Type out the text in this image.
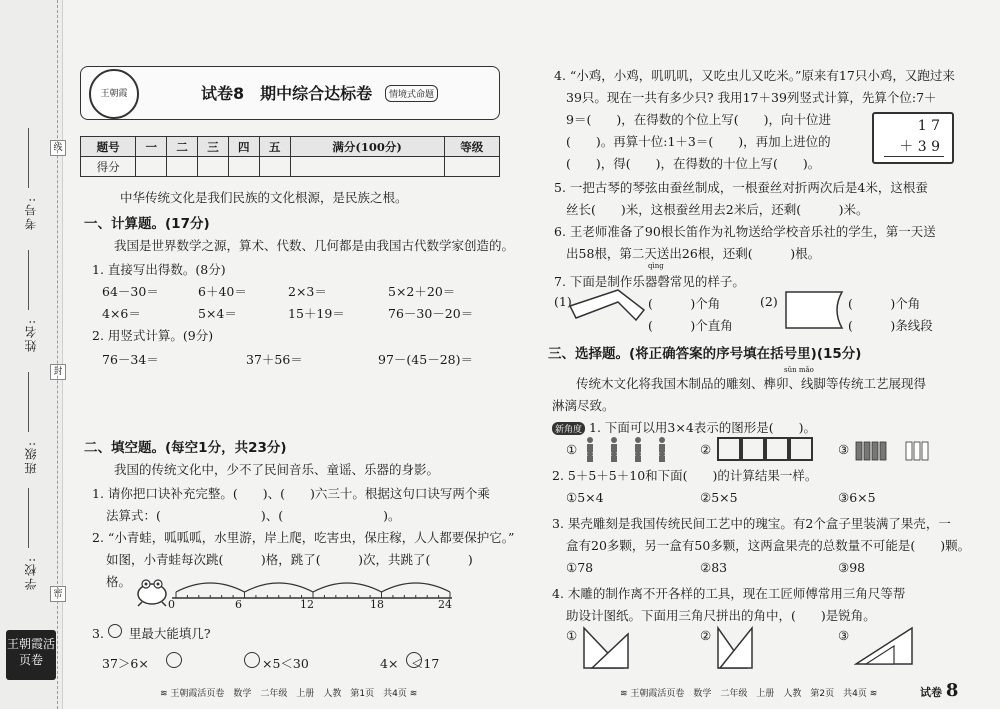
学校:
班级:
姓名:
考号:
线
封
密
王朝霞活页卷
王朝霞	试卷8　期中综合达标卷	情境式命题
题号	一	二	三	四	五	满分(100分)	等级
得分							
中华传统文化是我们民族的文化根源，是民族之根。
一、计算题。(17分)
我国是世界数学之源，算术、代数、几何都是由我国古代数学家创造的。
1. 直接写出得数。(8分)
64－30＝	6＋40＝	2×3＝	5×2＋20＝
4×6＝	5×4＝	15＋19＝	76－30－20＝
2. 用竖式计算。(9分)
76－34＝	37＋56＝	97－(45－28)＝
二、填空题。(每空1分，共23分)
我国的传统文化中，少不了民间音乐、童谣、乐器的身影。
1. 请你把口诀补充完整。(　　)、(　　)六三十。根据这句口诀写两个乘
法算式：(　　　　　　　　)、(　　　　　　　　)。
2. “小青蛙，呱呱呱，水里游，岸上爬，吃害虫，保庄稼，人人都要保护它。”
如图，小青蛙每次跳(　　　)格，跳了(　　　)次，共跳了(　　　)
格。
0	6	12	18	24
3.　　里最大能填几?
37＞6×	×5＜30	4×　＜17
4. “小鸡，小鸡，叽叽叽，又吃虫儿又吃米。”原来有17只小鸡，又跑过来
39只。现在一共有多少只? 我用17＋39列竖式计算，先算个位:7＋
9＝(　　)，在得数的个位上写(　　)，向十位进
(　　)。再算十位:1＋3＝(　　)，再加上进位的
(　　)，得(　　)，在得数的十位上写(　　)。
5. 一把古琴的琴弦由蚕丝制成，一根蚕丝对折两次后是4米，这根蚕
丝长(　　)米，这根蚕丝用去2米后，还剩(　　　)米。
6. 王老师准备了90根长笛作为礼物送给学校音乐社的学生，第一天送
出58根，第二天送出26根，还剩(　　　)根。
qìng
7. 下面是制作乐器磬常见的样子。
(1)	(　　　)个角
(　　　)个直角
(2)	(　　　)个角
(　　　)条线段
三、选择题。(将正确答案的序号填在括号里)(15分)
sǔn mǎo
传统木文化将我国木制品的雕刻、榫卯、线脚等传统工艺展现得
淋漓尽致。
新角度 1. 下面可以用3×4表示的图形是(　　)。
①	②	③
2. 5＋5＋5＋10和下面(　　)的计算结果一样。
①5×4	②5×5	③6×5
3. 果壳雕刻是我国传统民间工艺中的瑰宝。有2个盒子里装满了果壳，一
盒有20多颗，另一盒有50多颗，这两盒果壳的总数量不可能是(　　)颗。
①78	②83	③98
4. 木雕的制作离不开各样的工具，现在工匠师傅常用三角尺等帮
助设计图纸。下面用三角尺拼出的角中，(　　)是锐角。
①	②	③
1 7
＋ 3 9
≋ 王朝霞活页卷　数学　二年级　上册　人教　第1页　共4页 ≋	≋ 王朝霞活页卷　数学　二年级　上册　人教　第2页　共4页 ≋	试卷 8
